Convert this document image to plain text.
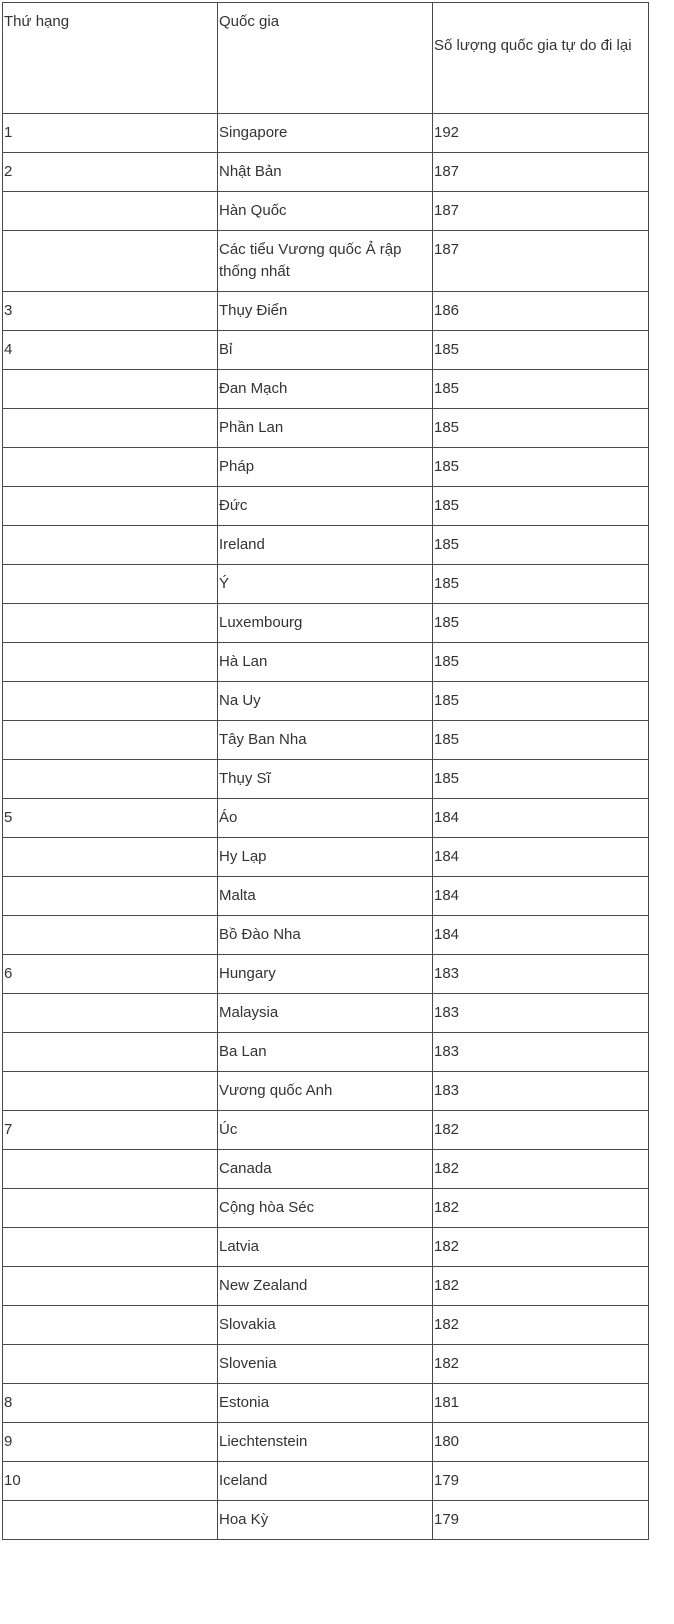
Thứ hạng	Quốc gia	Số lượng quốc gia tự do đi lại
1	Singapore	192
2	Nhật Bản	187
	Hàn Quốc	187
	Các tiểu Vương quốc Ả rập thống nhất	187
3	Thụy Điển	186
4	Bỉ	185
	Đan Mạch	185
	Phần Lan	185
	Pháp	185
	Đức	185
	Ireland	185
	Ý	185
	Luxembourg	185
	Hà Lan	185
	Na Uy	185
	Tây Ban Nha	185
	Thụy Sĩ	185
5	Áo	184
	Hy Lạp	184
	Malta	184
	Bồ Đào Nha	184
6	Hungary	183
	Malaysia	183
	Ba Lan	183
	Vương quốc Anh	183
7	Úc	182
	Canada	182
	Cộng hòa Séc	182
	Latvia	182
	New Zealand	182
	Slovakia	182
	Slovenia	182
8	Estonia	181
9	Liechtenstein	180
10	Iceland	179
	Hoa Kỳ	179
